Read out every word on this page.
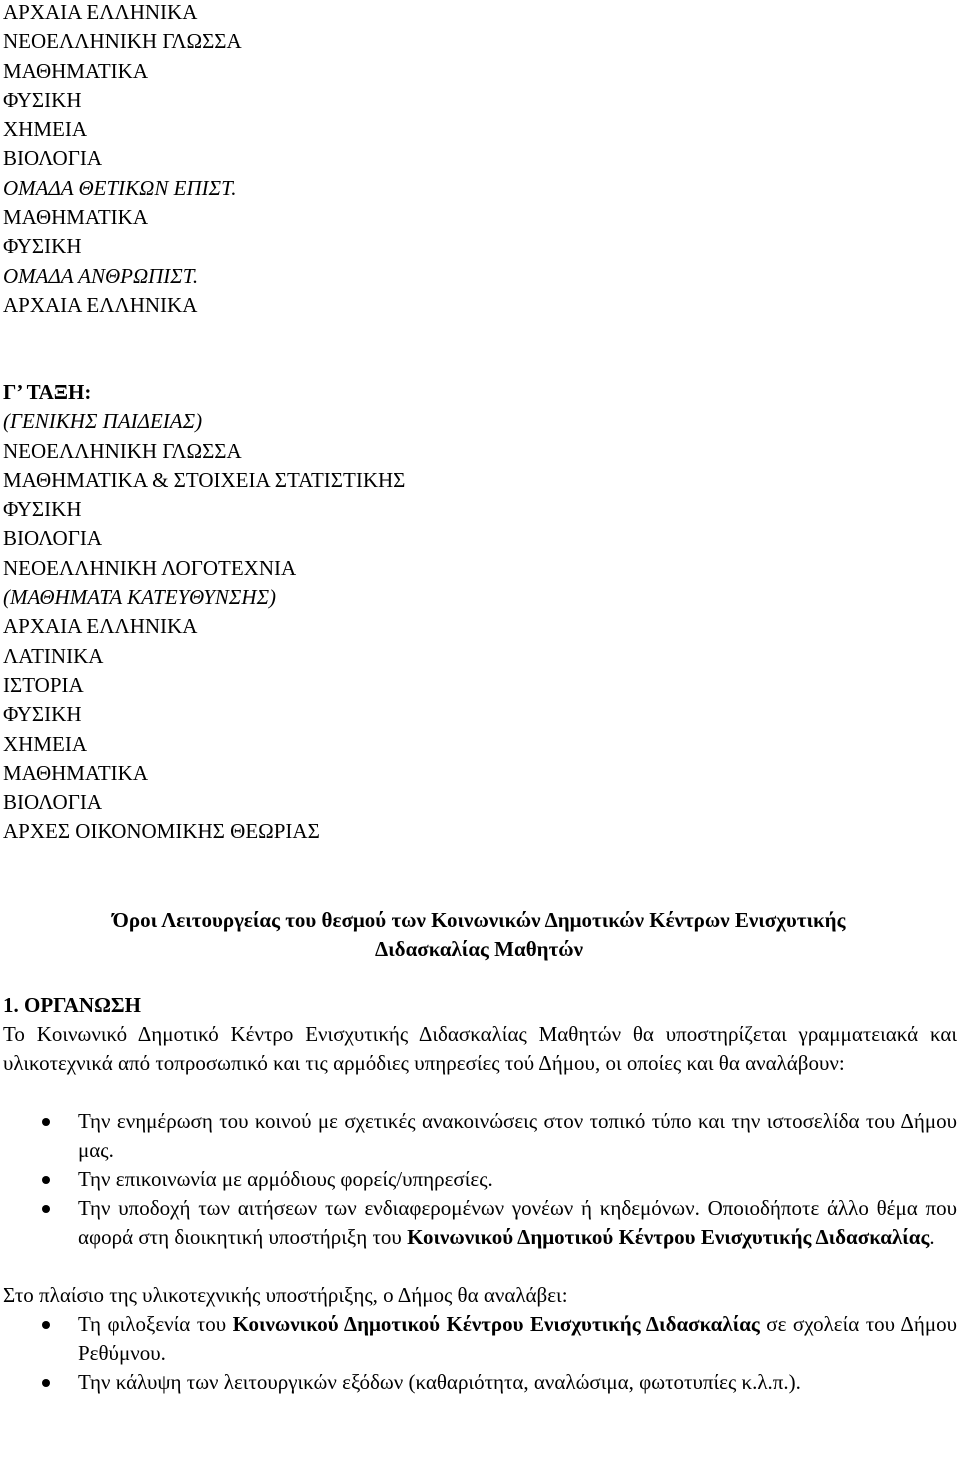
ΑΡΧΑΙΑ ΕΛΛΗΝΙΚΑ
ΝΕΟΕΛΛΗΝΙΚΗ ΓΛΩΣΣΑ
ΜΑΘΗΜΑΤΙΚΑ
ΦΥΣΙΚΗ
ΧΗΜΕΙΑ
ΒΙΟΛΟΓΙΑ
ΟΜΑΔΑ ΘΕΤΙΚΩΝ ΕΠΙΣΤ.
ΜΑΘΗΜΑΤΙΚΑ
ΦΥΣΙΚΗ
ΟΜΑΔΑ ΑΝΘΡΩΠΙΣΤ.
ΑΡΧΑΙΑ ΕΛΛΗΝΙΚΑ
Γ’ ΤΑΞΗ:
(ΓΕΝΙΚΗΣ ΠΑΙΔΕΙΑΣ)
ΝΕΟΕΛΛΗΝΙΚΗ ΓΛΩΣΣΑ
ΜΑΘΗΜΑΤΙΚΑ & ΣΤΟΙΧΕΙΑ ΣΤΑΤΙΣΤΙΚΗΣ
ΦΥΣΙΚΗ
ΒΙΟΛΟΓΙΑ
ΝΕΟΕΛΛΗΝΙΚΗ ΛΟΓΟΤΕΧΝΙΑ
(ΜΑΘΗΜΑΤΑ ΚΑΤΕΥΘΥΝΣΗΣ)
ΑΡΧΑΙΑ ΕΛΛΗΝΙΚΑ
ΛΑΤΙΝΙΚΑ
ΙΣΤΟΡΙΑ
ΦΥΣΙΚΗ
ΧΗΜΕΙΑ
ΜΑΘΗΜΑΤΙΚΑ
ΒΙΟΛΟΓΙΑ
ΑΡΧΕΣ ΟΙΚΟΝΟΜΙΚΗΣ ΘΕΩΡΙΑΣ
Όροι Λειτουργείας του θεσμού των Κοινωνικών Δημοτικών Κέντρων Ενισχυτικής
Διδασκαλίας Μαθητών
1. ΟΡΓΑΝΩΣΗ
Το Κοινωνικό Δημοτικό Κέντρο Ενισχυτικής Διδασκαλίας Μαθητών θα υποστηρίζεται γραμματειακά και υλικοτεχνικά από τοπροσωπικό και τις αρμόδιες υπηρεσίες τού Δήμου, οι οποίες και θα αναλάβουν:
Την ενημέρωση του κοινού με σχετικές ανακοινώσεις στον τοπικό τύπο και την ιστοσελίδα του Δήμου μας.
Την επικοινωνία με αρμόδιους φορείς/υπηρεσίες.
Την υποδοχή των αιτήσεων των ενδιαφερομένων γονέων ή κηδεμόνων. Οποιοδήποτε άλλο θέμα που αφορά στη διοικητική υποστήριξη του Κοινωνικού Δημοτικού Κέντρου Ενισχυτικής Διδασκαλίας.
Στο πλαίσιο της υλικοτεχνικής υποστήριξης, ο Δήμος θα αναλάβει:
Τη φιλοξενία του Κοινωνικού Δημοτικού Κέντρου Ενισχυτικής Διδασκαλίας σε σχολεία του Δήμου Ρεθύμνου.
Την κάλυψη των λειτουργικών εξόδων (καθαριότητα, αναλώσιμα, φωτοτυπίες κ.λ.π.).
